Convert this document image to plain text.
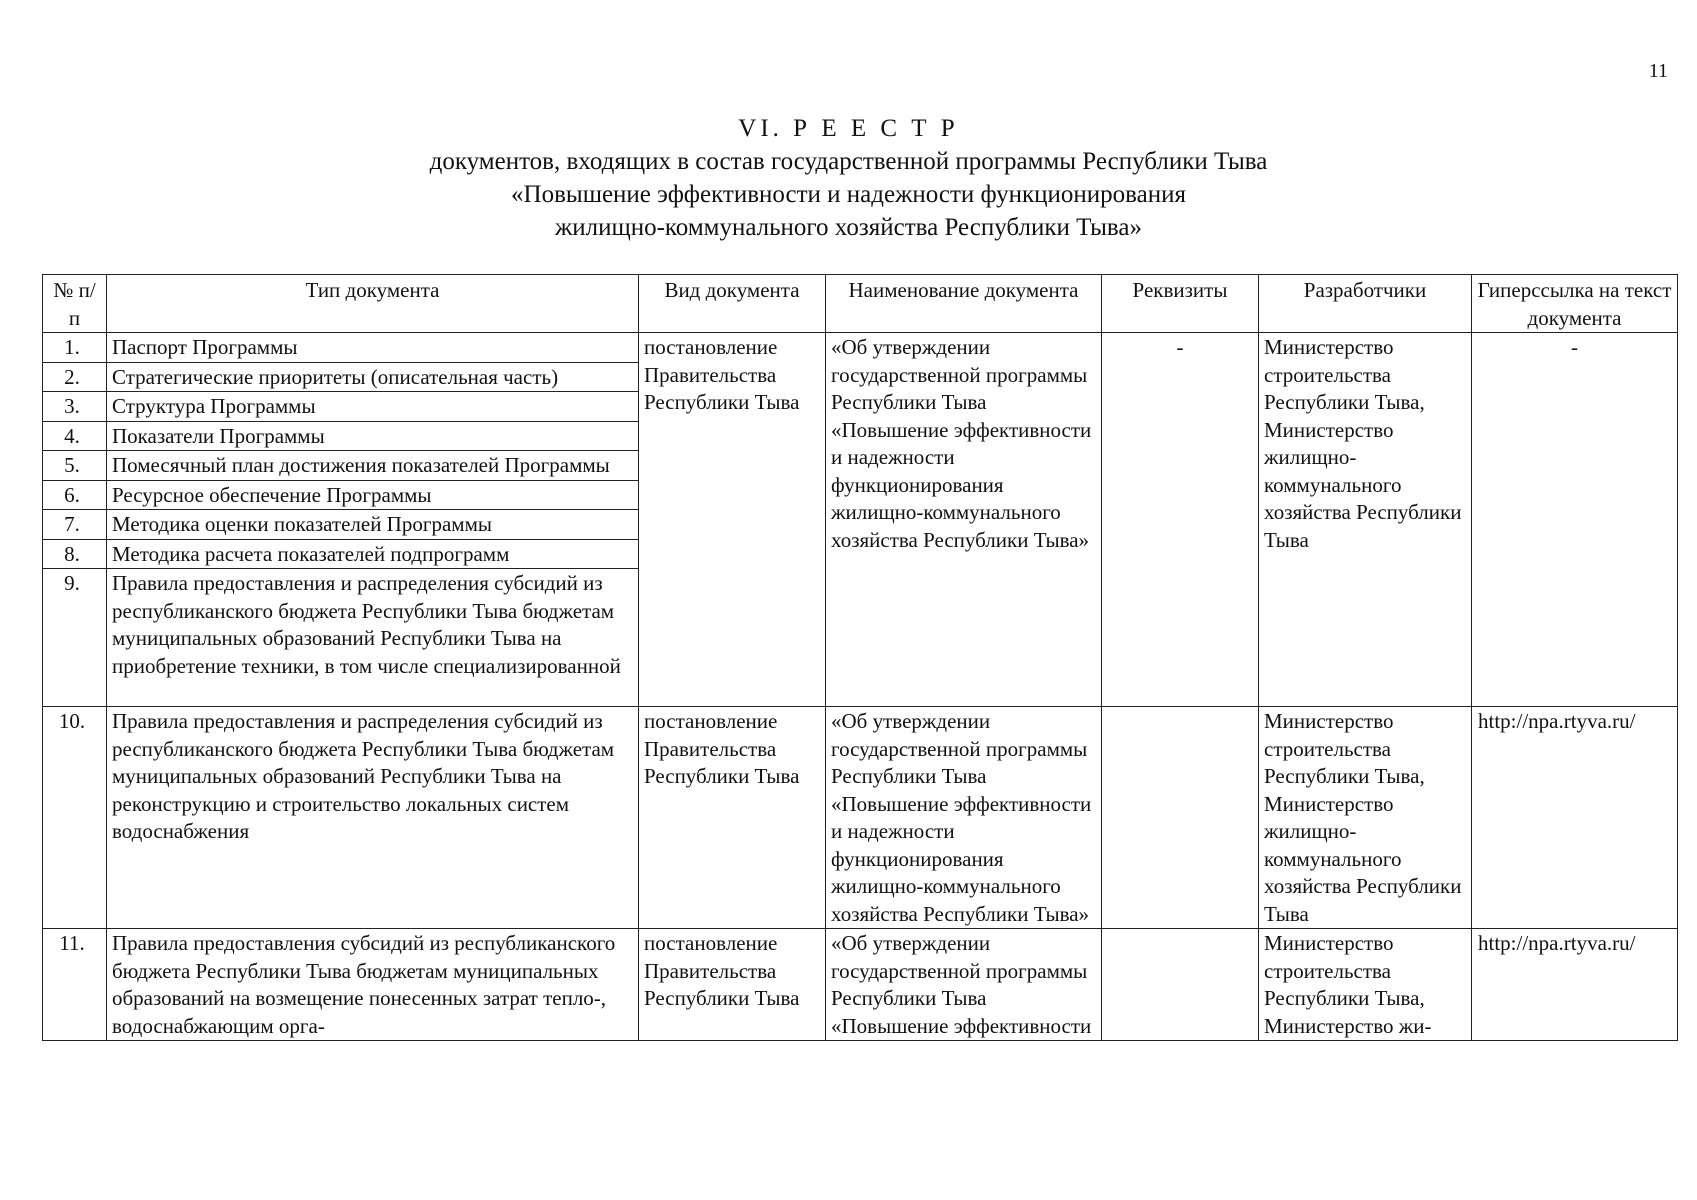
11
VI. Р Е Е С Т Р
документов, входящих в состав государственной программы Республики Тыва
«Повышение эффективности и надежности функционирования
жилищно-коммунального хозяйства Республики Тыва»
№ п/п	Тип документа	Вид документа	Наименование документа	Реквизиты	Разработчики	Гиперссылка на текст документа
1.	Паспорт Программы	постановление Правительства Республики Тыва	«Об утверждении государственной программы Республики Тыва «Повышение эффективности и надежности функционирования жилищно-коммунального хозяйства Республики Тыва»	-	Министерство строительства Республики Тыва, Министерство жилищно-коммунального хозяйства Республики Тыва	-
2.	Стратегические приоритеты (описательная часть)					
3.	Структура Программы					
4.	Показатели Программы					
5.	Помесячный план достижения показателей Программы					
6.	Ресурсное обеспечение Программы					
7.	Методика оценки показателей Программы					
8.	Методика расчета показателей подпрограмм					
9.	Правила предоставления и распределения субсидий из республиканского бюджета Республики Тыва бюджетам муниципальных образований Республики Тыва на приобретение техники, в том числе специализированной					
10.	Правила предоставления и распределения субсидий из республиканского бюджета Республики Тыва бюджетам муниципальных образований Республики Тыва на реконструкцию и строительство локальных систем водоснабжения	постановление Правительства Республики Тыва	«Об утверждении государственной программы Республики Тыва «Повышение эффективности и надежности функционирования жилищно-коммунального хозяйства Республики Тыва»		Министерство строительства Республики Тыва, Министерство жилищно-коммунального хозяйства Республики Тыва	http://npa.rtyva.ru/
11.	Правила предоставления субсидий из республиканского бюджета Республики Тыва бюджетам муниципальных образований на возмещение понесенных затрат тепло-, водоснабжающим орга-	постановление Правительства Республики Тыва	«Об утверждении государственной программы Республики Тыва «Повышение эффективности		Министерство строительства Республики Тыва, Министерство жи-	http://npa.rtyva.ru/
